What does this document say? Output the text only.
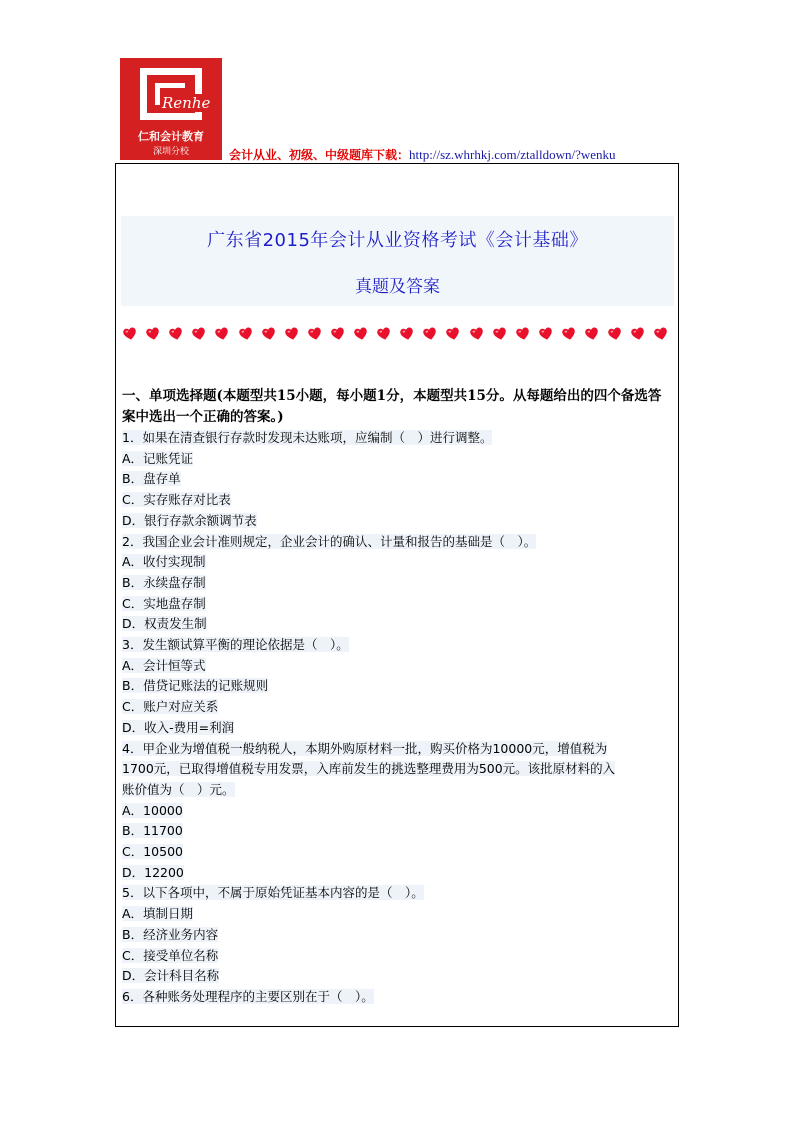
Renhe
仁和会计教育
深圳分校	会计从业、初级、中级题库下载：http://sz.whrhkj.com/ztalldown/?wenku
广东省2015年会计从业资格考试《会计基础》
真题及答案
一、单项选择题(本题型共15小题，每小题1分，本题型共15分。从每题给出的四个备选答案中选出一个正确的答案。)
1．如果在清查银行存款时发现未达账项，应编制（　）进行调整。
A．记账凭证
B．盘存单
C．实存账存对比表
D．银行存款余额调节表
2．我国企业会计准则规定，企业会计的确认、计量和报告的基础是（　）。
A．收付实现制
B．永续盘存制
C．实地盘存制
D．权责发生制
3．发生额试算平衡的理论依据是（　）。
A．会计恒等式
B．借贷记账法的记账规则
C．账户对应关系
D．收入-费用=利润
4．甲企业为增值税一般纳税人，本期外购原材料一批，购买价格为10000元，增值税为
1700元，已取得增值税专用发票，入库前发生的挑选整理费用为500元。该批原材料的入
账价值为（　）元。
A．10000
B．11700
C．10500
D．12200
5．以下各项中，不属于原始凭证基本内容的是（　）。
A．填制日期
B．经济业务内容
C．接受单位名称
D．会计科目名称
6．各种账务处理程序的主要区别在于（　）。
